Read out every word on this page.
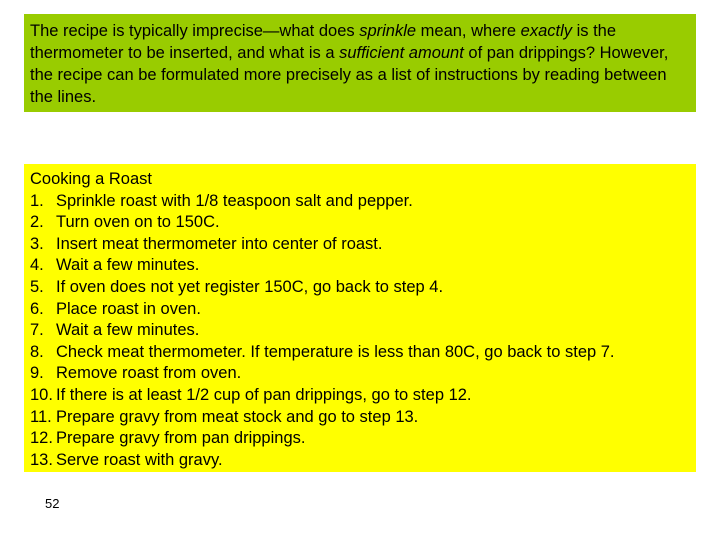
The recipe is typically imprecise—what does sprinkle mean, where exactly is the thermometer to be inserted, and what is a sufficient amount of pan drippings? However, the recipe can be formulated more precisely as a list of instructions by reading between the lines.

Cooking a Roast
1. Sprinkle roast with 1/8 teaspoon salt and pepper.
2. Turn oven on to 150C.
3. Insert meat thermometer into center of roast.
4. Wait a few minutes.
5. If oven does not yet register 150C, go back to step 4.
6. Place roast in oven.
7. Wait a few minutes.
8. Check meat thermometer. If temperature is less than 80C, go back to step 7.
9. Remove roast from oven.
10. If there is at least 1/2 cup of pan drippings, go to step 12.
11. Prepare gravy from meat stock and go to step 13.
12. Prepare gravy from pan drippings.
13. Serve roast with gravy.
52
